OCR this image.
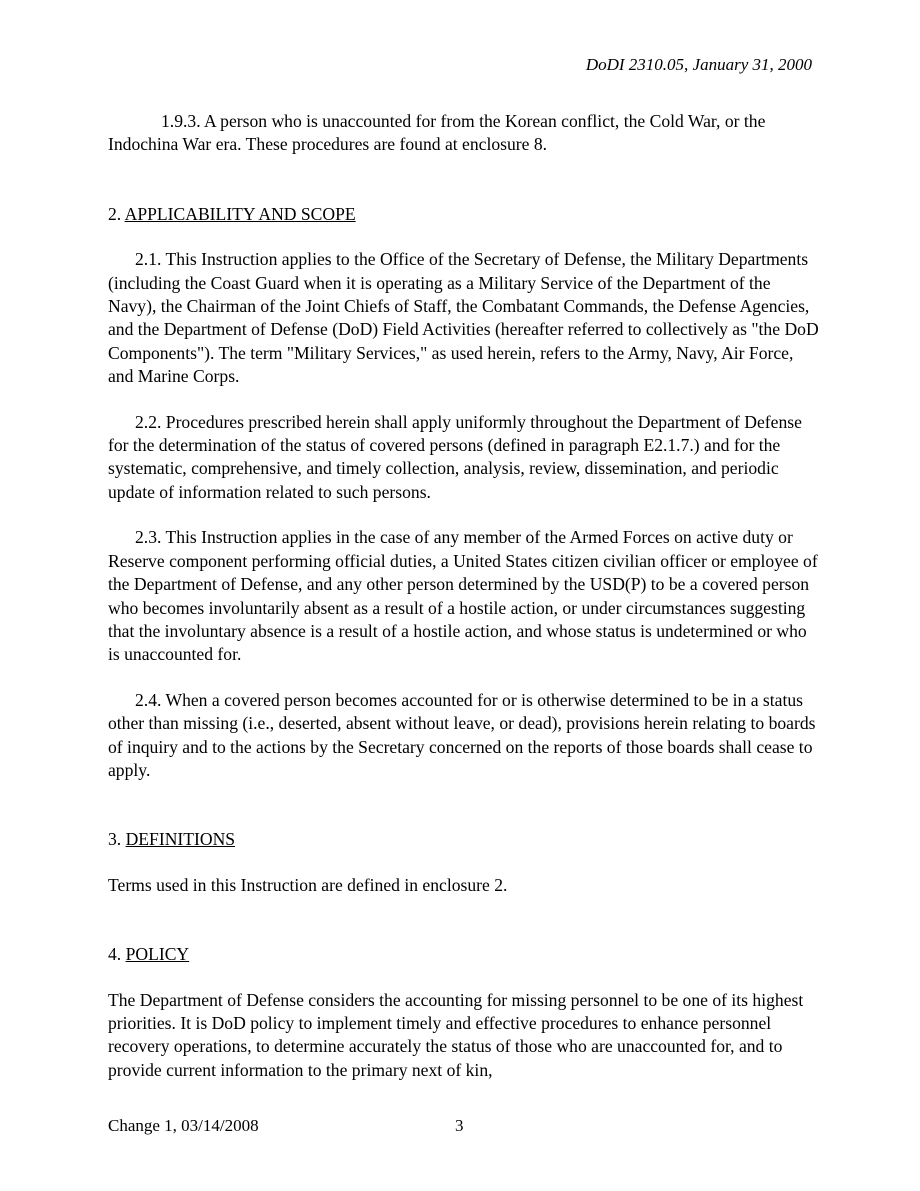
DoDI 2310.05, January 31, 2000

1.9.3. A person who is unaccounted for from the Korean conflict, the Cold War, or the Indochina War era. These procedures are found at enclosure 8.

2. APPLICABILITY AND SCOPE

2.1. This Instruction applies to the Office of the Secretary of Defense, the Military Departments (including the Coast Guard when it is operating as a Military Service of the Department of the Navy), the Chairman of the Joint Chiefs of Staff, the Combatant Commands, the Defense Agencies, and the Department of Defense (DoD) Field Activities (hereafter referred to collectively as "the DoD Components"). The term "Military Services," as used herein, refers to the Army, Navy, Air Force, and Marine Corps.

2.2. Procedures prescribed herein shall apply uniformly throughout the Department of Defense for the determination of the status of covered persons (defined in paragraph E2.1.7.) and for the systematic, comprehensive, and timely collection, analysis, review, dissemination, and periodic update of information related to such persons.

2.3. This Instruction applies in the case of any member of the Armed Forces on active duty or Reserve component performing official duties, a United States citizen civilian officer or employee of the Department of Defense, and any other person determined by the USD(P) to be a covered person who becomes involuntarily absent as a result of a hostile action, or under circumstances suggesting that the involuntary absence is a result of a hostile action, and whose status is undetermined or who is unaccounted for.

2.4. When a covered person becomes accounted for or is otherwise determined to be in a status other than missing (i.e., deserted, absent without leave, or dead), provisions herein relating to boards of inquiry and to the actions by the Secretary concerned on the reports of those boards shall cease to apply.

3. DEFINITIONS

Terms used in this Instruction are defined in enclosure 2.

4. POLICY

The Department of Defense considers the accounting for missing personnel to be one of its highest priorities. It is DoD policy to implement timely and effective procedures to enhance personnel recovery operations, to determine accurately the status of those who are unaccounted for, and to provide current information to the primary next of kin,

Change 1, 03/14/2008	3
